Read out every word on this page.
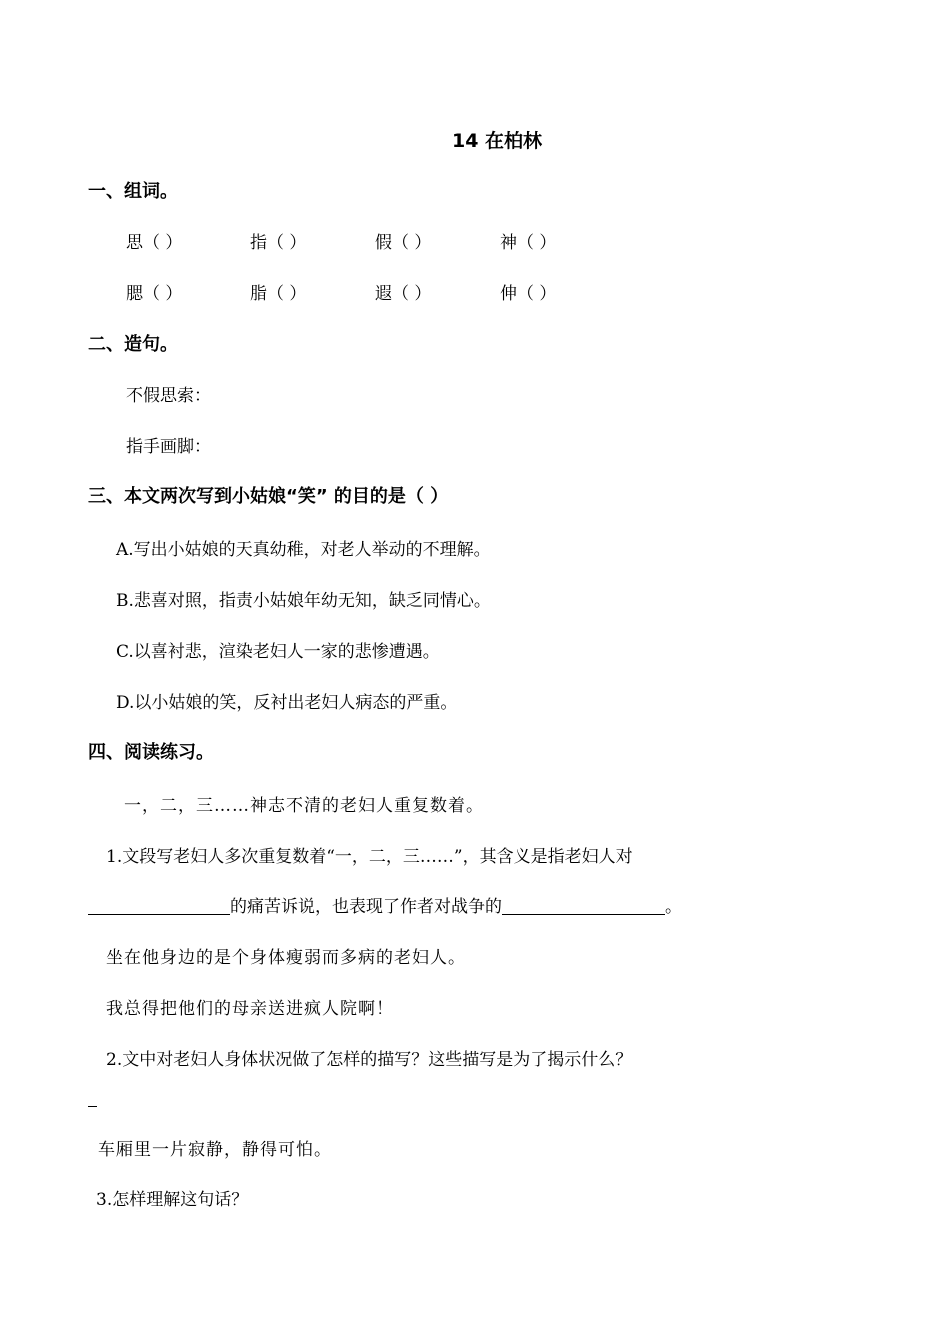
14 在柏林
一、组词。
思（ ）	指（ ）	假（ ）	神（ ）
腮（ ）	脂（ ）	遐（ ）	伸（ ）
二、造句。
不假思索：
指手画脚：
三、本文两次写到小姑娘“笑” 的目的是（ ）
A.写出小姑娘的天真幼稚，对老人举动的不理解。
B.悲喜对照，指责小姑娘年幼无知，缺乏同情心。
C.以喜衬悲，渲染老妇人一家的悲惨遭遇。
D.以小姑娘的笑，反衬出老妇人病态的严重。
四、阅读练习。
一，二，三……神志不清的老妇人重复数着。
1.文段写老妇人多次重复数着“一，二，三……”，其含义是指老妇人对
的痛苦诉说，也表现了作者对战争的	。
坐在他身边的是个身体瘦弱而多病的老妇人。
我总得把他们的母亲送进疯人院啊！
2.文中对老妇人身体状况做了怎样的描写？这些描写是为了揭示什么？
车厢里一片寂静，静得可怕。
3.怎样理解这句话？
